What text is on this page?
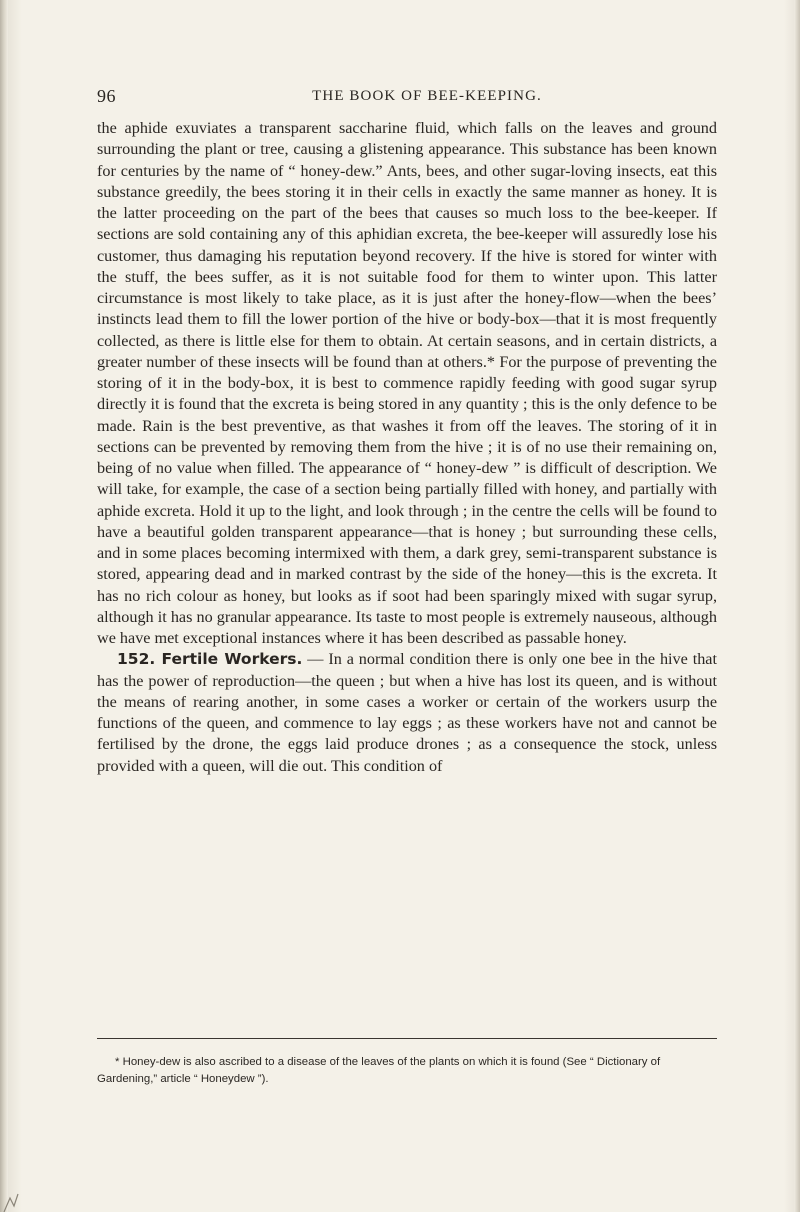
96	THE BOOK OF BEE-KEEPING.

the aphide exuviates a transparent saccharine fluid, which falls on the leaves and ground surrounding the plant or tree, causing a glistening appearance. This substance has been known for centuries by the name of “ honey-dew.” Ants, bees, and other sugar-loving insects, eat this substance greedily, the bees storing it in their cells in exactly the same manner as honey. It is the latter proceeding on the part of the bees that causes so much loss to the bee-keeper. If sections are sold containing any of this aphidian excreta, the bee-keeper will assuredly lose his customer, thus damaging his reputation beyond recovery. If the hive is stored for winter with the stuff, the bees suffer, as it is not suitable food for them to winter upon. This latter circumstance is most likely to take place, as it is just after the honey-flow—when the bees’ instincts lead them to fill the lower portion of the hive or body-box—that it is most frequently collected, as there is little else for them to obtain. At certain seasons, and in certain districts, a greater number of these insects will be found than at others.* For the purpose of preventing the storing of it in the body-box, it is best to commence rapidly feeding with good sugar syrup directly it is found that the excreta is being stored in any quantity ; this is the only defence to be made. Rain is the best preventive, as that washes it from off the leaves. The storing of it in sections can be prevented by removing them from the hive ; it is of no use their remaining on, being of no value when filled. The appearance of “ honey-dew ” is difficult of description. We will take, for example, the case of a section being partially filled with honey, and partially with aphide excreta. Hold it up to the light, and look through ; in the centre the cells will be found to have a beautiful golden transparent appearance—that is honey ; but surrounding these cells, and in some places becoming intermixed with them, a dark grey, semi-transparent substance is stored, appearing dead and in marked contrast by the side of the honey—this is the excreta. It has no rich colour as honey, but looks as if soot had been sparingly mixed with sugar syrup, although it has no granular appearance. Its taste to most people is extremely nauseous, although we have met exceptional instances where it has been described as passable honey.

152. Fertile Workers. — In a normal condition there is only one bee in the hive that has the power of reproduction—the queen ; but when a hive has lost its queen, and is without the means of rearing another, in some cases a worker or certain of the workers usurp the functions of the queen, and commence to lay eggs ; as these workers have not and cannot be fertilised by the drone, the eggs laid produce drones ; as a consequence the stock, unless provided with a queen, will die out. This condition of

* Honey-dew is also ascribed to a disease of the leaves of the plants on which it is found (See “ Dictionary of Gardening,” article “ Honeydew ”).
